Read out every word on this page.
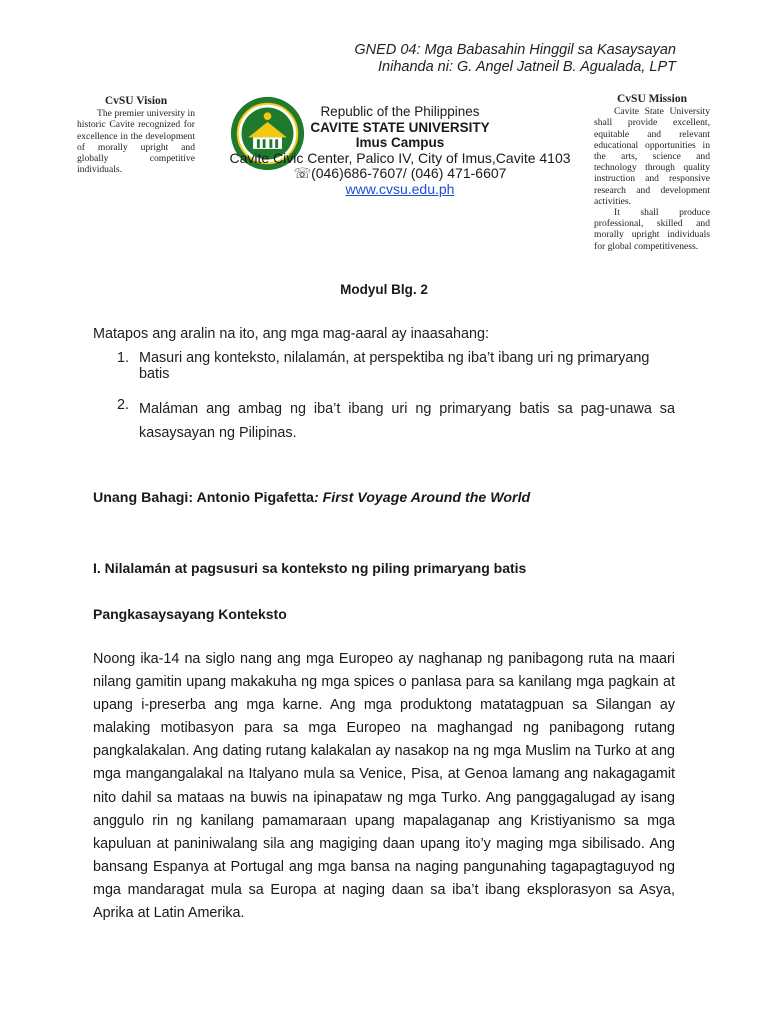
GNED 04: Mga Babasahin Hinggil sa Kasaysayan
Inihanda ni: G. Angel Jatneil B. Agualada, LPT
CvSU Vision
The premier university in historic Cavite recognized for excellence in the development of morally upright and globally competitive individuals.
Republic of the Philippines
CAVITE STATE UNIVERSITY
Imus Campus
Cavite Civic Center, Palico IV, City of Imus,Cavite 4103
☏(046)686-7607/ (046) 471-6607
www.cvsu.edu.ph
CvSU Mission
Cavite State University shall provide excellent, equitable and relevant educational opportunities in the arts, science and technology through quality instruction and responsive research and development activities.
It shall produce professional, skilled and morally upright individuals for global competitiveness.
Modyul Blg. 2
Matapos ang aralin na ito, ang mga mag-aaral ay inaasahang:
1. Masuri ang konteksto, nilalamán, at perspektiba ng iba’t ibang uri ng primaryang batis
2. Maláman ang ambag ng iba’t ibang uri ng primaryang batis sa pag-unawa sa kasaysayan ng Pilipinas.
Unang Bahagi: Antonio Pigafetta: First Voyage Around the World
I. Nilalamán at pagsusuri sa konteksto ng piling primaryang batis
Pangkasaysayang Konteksto

Noong ika-14 na siglo nang ang mga Europeo ay naghanap ng panibagong ruta na maari nilang gamitin upang makakuha ng mga spices o panlasa para sa kanilang mga pagkain at upang i-preserba ang mga karne. Ang mga produktong matatagpuan sa Silangan ay malaking motibasyon para sa mga Europeo na maghangad ng panibagong rutang pangkalakalan. Ang dating rutang kalakalan ay nasakop na ng mga Muslim na Turko at ang mga mangangalakal na Italyano mula sa Venice, Pisa, at Genoa lamang ang nakagagamit nito dahil sa mataas na buwis na ipinapataw ng mga Turko. Ang panggagalugad ay isang anggulo rin ng kanilang pamamaraan upang mapalaganap ang Kristiyanismo sa mga kapuluan at paniniwalang sila ang magiging daan upang ito’y maging mga sibilisado. Ang bansang Espanya at Portugal ang mga bansa na naging pangunahing tagapagtaguyod ng mga mandaragat mula sa Europa at naging daan sa iba’t ibang eksplorasyon sa Asya, Aprika at Latin Amerika.
